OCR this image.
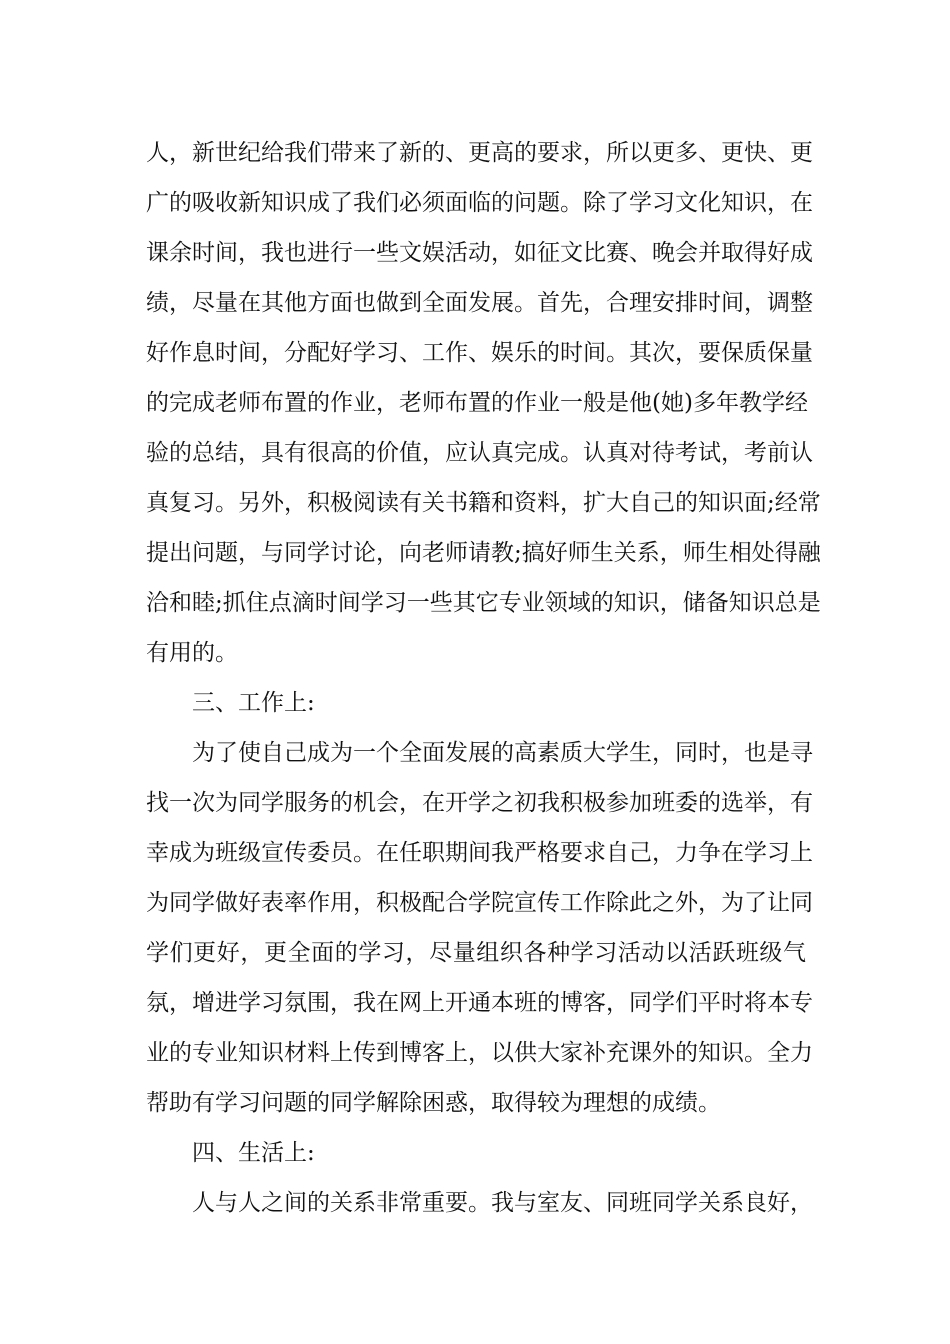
人，新世纪给我们带来了新的、更高的要求，所以更多、更快、更
广的吸收新知识成了我们必须面临的问题。除了学习文化知识，在
课余时间，我也进行一些文娱活动，如征文比赛、晚会并取得好成
绩，尽量在其他方面也做到全面发展。首先，合理安排时间，调整
好作息时间，分配好学习、工作、娱乐的时间。其次，要保质保量
的完成老师布置的作业，老师布置的作业一般是他(她)多年教学经
验的总结，具有很高的价值，应认真完成。认真对待考试，考前认
真复习。另外，积极阅读有关书籍和资料，扩大自己的知识面;经常
提出问题，与同学讨论，向老师请教;搞好师生关系，师生相处得融
洽和睦;抓住点滴时间学习一些其它专业领域的知识，储备知识总是
有用的。
三、工作上:
为了使自己成为一个全面发展的高素质大学生，同时，也是寻
找一次为同学服务的机会，在开学之初我积极参加班委的选举，有
幸成为班级宣传委员。在任职期间我严格要求自己，力争在学习上
为同学做好表率作用，积极配合学院宣传工作除此之外，为了让同
学们更好，更全面的学习，尽量组织各种学习活动以活跃班级气
氛，增进学习氛围，我在网上开通本班的博客，同学们平时将本专
业的专业知识材料上传到博客上，以供大家补充课外的知识。全力
帮助有学习问题的同学解除困惑，取得较为理想的成绩。
四、生活上:
人与人之间的关系非常重要。我与室友、同班同学关系良好，
